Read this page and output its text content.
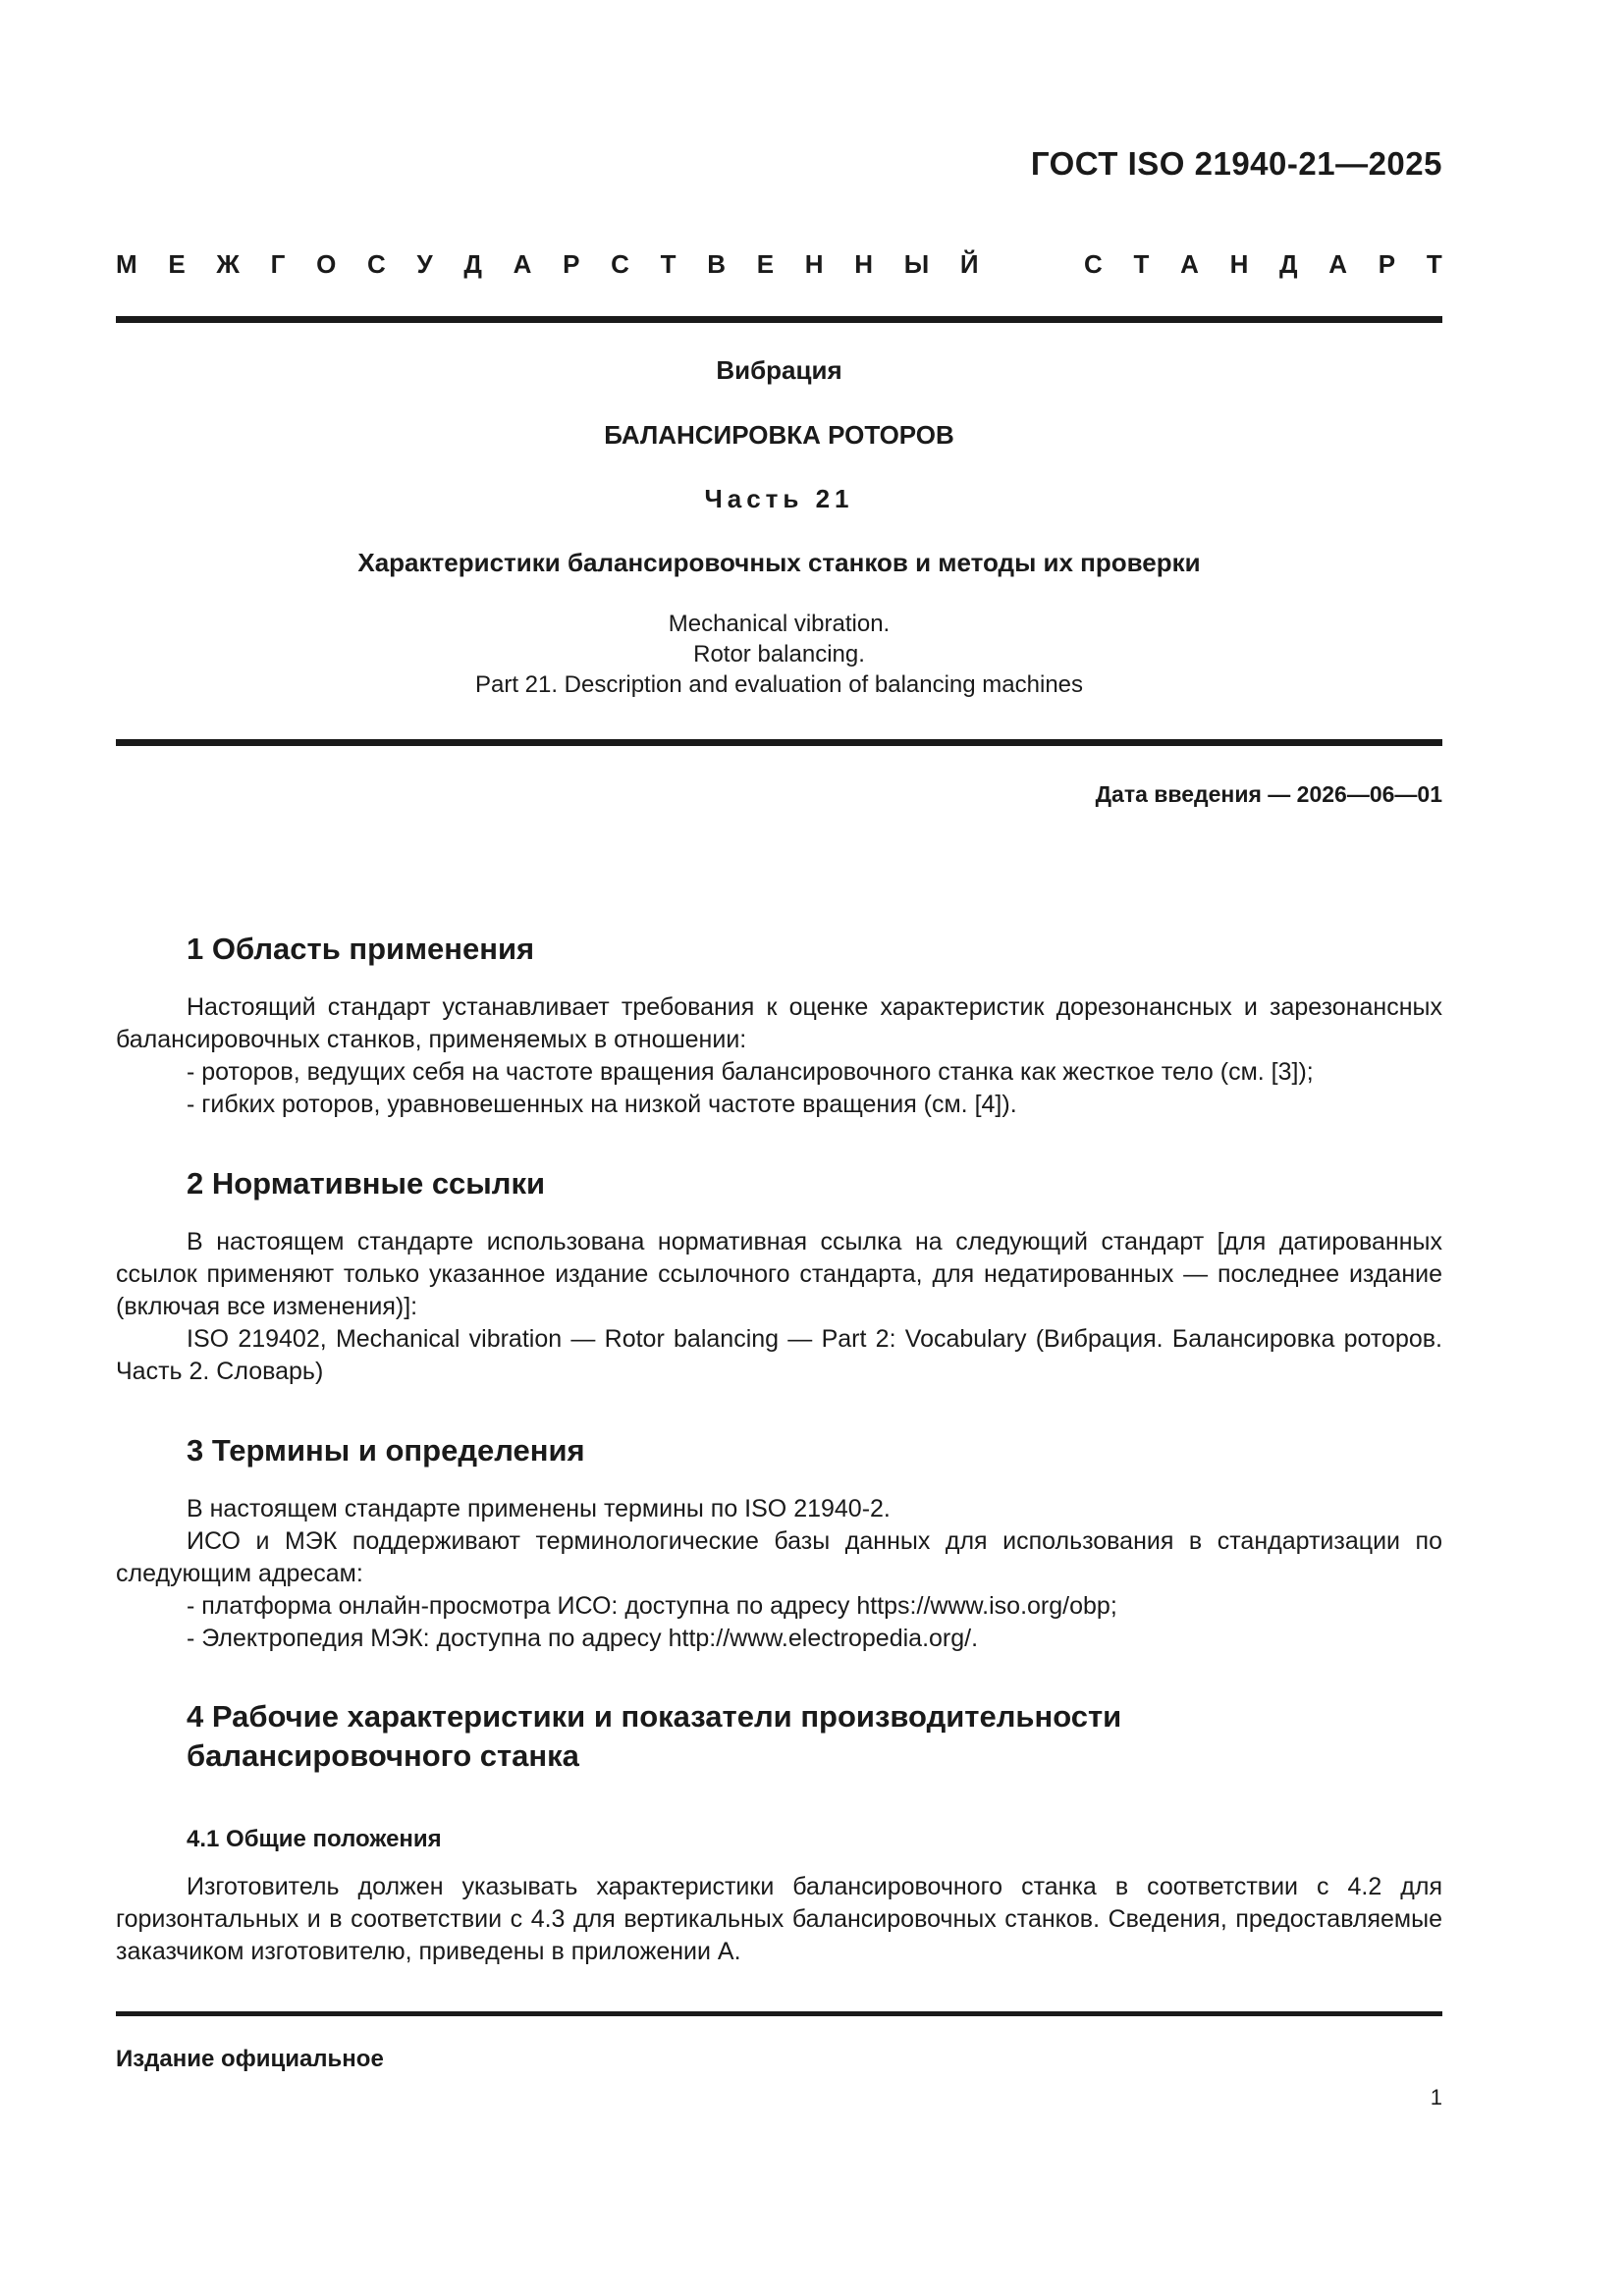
ГОСТ ISO 21940-21—2025
М Е Ж Г О С У Д А Р С Т В Е Н Н Ы Й	С Т А Н Д А Р Т
Вибрация
БАЛАНСИРОВКА РОТОРОВ
Часть 21
Характеристики балансировочных станков и методы их проверки
Mechanical vibration.
Rotor balancing.
Part 21. Description and evaluation of balancing machines
Дата введения — 2026—06—01
1 Область применения
Настоящий стандарт устанавливает требования к оценке характеристик дорезонансных и зарезонансных балансировочных станков, применяемых в отношении:
- роторов, ведущих себя на частоте вращения балансировочного станка как жесткое тело (см. [3]);
- гибких роторов, уравновешенных на низкой частоте вращения (см. [4]).
2 Нормативные ссылки
В настоящем стандарте использована нормативная ссылка на следующий стандарт [для датированных ссылок применяют только указанное издание ссылочного стандарта, для недатированных — последнее издание (включая все изменения)]:
ISO 219402, Mechanical vibration — Rotor balancing — Part 2: Vocabulary (Вибрация. Балансировка роторов. Часть 2. Словарь)
3 Термины и определения
В настоящем стандарте применены термины по ISO 21940-2.
ИСО и МЭК поддерживают терминологические базы данных для использования в стандартизации по следующим адресам:
- платформа онлайн-просмотра ИСО: доступна по адресу https://www.iso.org/obp;
- Электропедия МЭК: доступна по адресу http://www.electropedia.org/.
4 Рабочие характеристики и показатели производительности
балансировочного станка
4.1 Общие положения
Изготовитель должен указывать характеристики балансировочного станка в соответствии с 4.2 для горизонтальных и в соответствии с 4.3 для вертикальных балансировочных станков. Сведения, предоставляемые заказчиком изготовителю, приведены в приложении А.
Издание официальное
1
